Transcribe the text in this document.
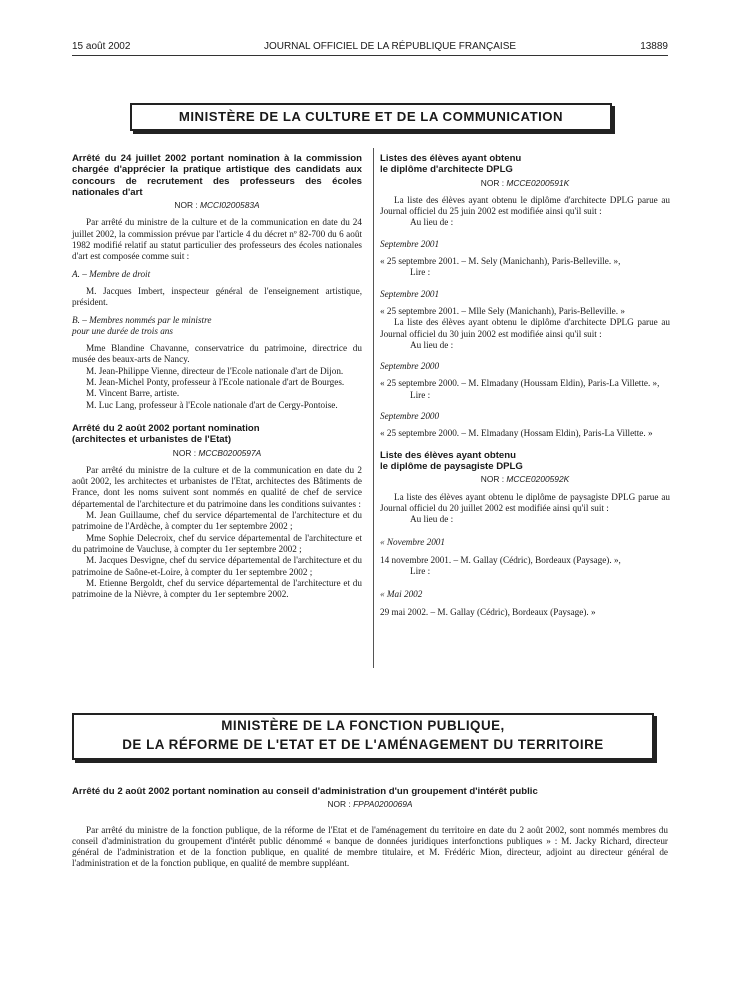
15 août 2002	JOURNAL OFFICIEL DE LA RÉPUBLIQUE FRANÇAISE	13889
MINISTÈRE DE LA CULTURE ET DE LA COMMUNICATION

Arrêté du 24 juillet 2002 portant nomination à la commission chargée d'apprécier la pratique artistique des candidats aux concours de recrutement des professeurs des écoles nationales d'art

NOR : MCCI0200583A

Par arrêté du ministre de la culture et de la communication en date du 24 juillet 2002, la commission prévue par l'article 4 du décret nº 82-700 du 6 août 1982 modifié relatif au statut particulier des professeurs des écoles nationales d'art est composée comme suit :

A. – Membre de droit

M. Jacques Imbert, inspecteur général de l'enseignement artistique, président.

B. – Membres nommés par le ministre

pour une durée de trois ans

Mme Blandine Chavanne, conservatrice du patrimoine, directrice du musée des beaux-arts de Nancy.

M. Jean-Philippe Vienne, directeur de l'Ecole nationale d'art de Dijon.

M. Jean-Michel Ponty, professeur à l'Ecole nationale d'art de Bourges.

M. Vincent Barre, artiste.

M. Luc Lang, professeur à l'Ecole nationale d'art de Cergy-Pontoise.

Arrêté du 2 août 2002 portant nomination

(architectes et urbanistes de l'Etat)

NOR : MCCB0200597A

Par arrêté du ministre de la culture et de la communication en date du 2 août 2002, les architectes et urbanistes de l'Etat, architectes des Bâtiments de France, dont les noms suivent sont nommés en qualité de chef de service départemental de l'architecture et du patrimoine dans les conditions suivantes :

M. Jean Guillaume, chef du service départemental de l'architecture et du patrimoine de l'Ardèche, à compter du 1er septembre 2002 ;

Mme Sophie Delecroix, chef du service départemental de l'architecture et du patrimoine de Vaucluse, à compter du 1er septembre 2002 ;

M. Jacques Desvigne, chef du service départemental de l'architecture et du patrimoine de Saône-et-Loire, à compter du 1er septembre 2002 ;

M. Etienne Bergoldt, chef du service départemental de l'architecture et du patrimoine de la Nièvre, à compter du 1er septembre 2002.

Listes des élèves ayant obtenu

le diplôme d'architecte DPLG

NOR : MCCE0200591K

La liste des élèves ayant obtenu le diplôme d'architecte DPLG parue au Journal officiel du 25 juin 2002 est modifiée ainsi qu'il suit :

Au lieu de :

Septembre 2001

« 25 septembre 2001. – M. Sely (Manichanh), Paris-Belleville. »,

Lire :

Septembre 2001

« 25 septembre 2001. – Mlle Sely (Manichanh), Paris-Belleville. »

La liste des élèves ayant obtenu le diplôme d'architecte DPLG parue au Journal officiel du 30 juin 2002 est modifiée ainsi qu'il suit :

Au lieu de :

Septembre 2000

« 25 septembre 2000. – M. Elmadany (Houssam Eldin), Paris-La Villette. »,

Lire :

Septembre 2000

« 25 septembre 2000. – M. Elmadany (Hossam Eldin), Paris-La Villette. »

Liste des élèves ayant obtenu

le diplôme de paysagiste DPLG

NOR : MCCE0200592K

La liste des élèves ayant obtenu le diplôme de paysagiste DPLG parue au Journal officiel du 20 juillet 2002 est modifiée ainsi qu'il suit :

Au lieu de :

« Novembre 2001

14 novembre 2001. – M. Gallay (Cédric), Bordeaux (Paysage). »,

Lire :

« Mai 2002

29 mai 2002. – M. Gallay (Cédric), Bordeaux (Paysage). »

MINISTÈRE DE LA FONCTION PUBLIQUE,
DE LA RÉFORME DE L'ETAT ET DE L'AMÉNAGEMENT DU TERRITOIRE

Arrêté du 2 août 2002 portant nomination au conseil d'administration d'un groupement d'intérêt public

NOR : FPPA0200069A

Par arrêté du ministre de la fonction publique, de la réforme de l'Etat et de l'aménagement du territoire en date du 2 août 2002, sont nommés membres du conseil d'administration du groupement d'intérêt public dénommé « banque de données juridiques interfonctions publiques » : M. Jacky Richard, directeur général de l'administration et de la fonction publique, en qualité de membre titulaire, et M. Frédéric Mion, directeur, adjoint au directeur général de l'administration et de la fonction publique, en qualité de membre suppléant.
